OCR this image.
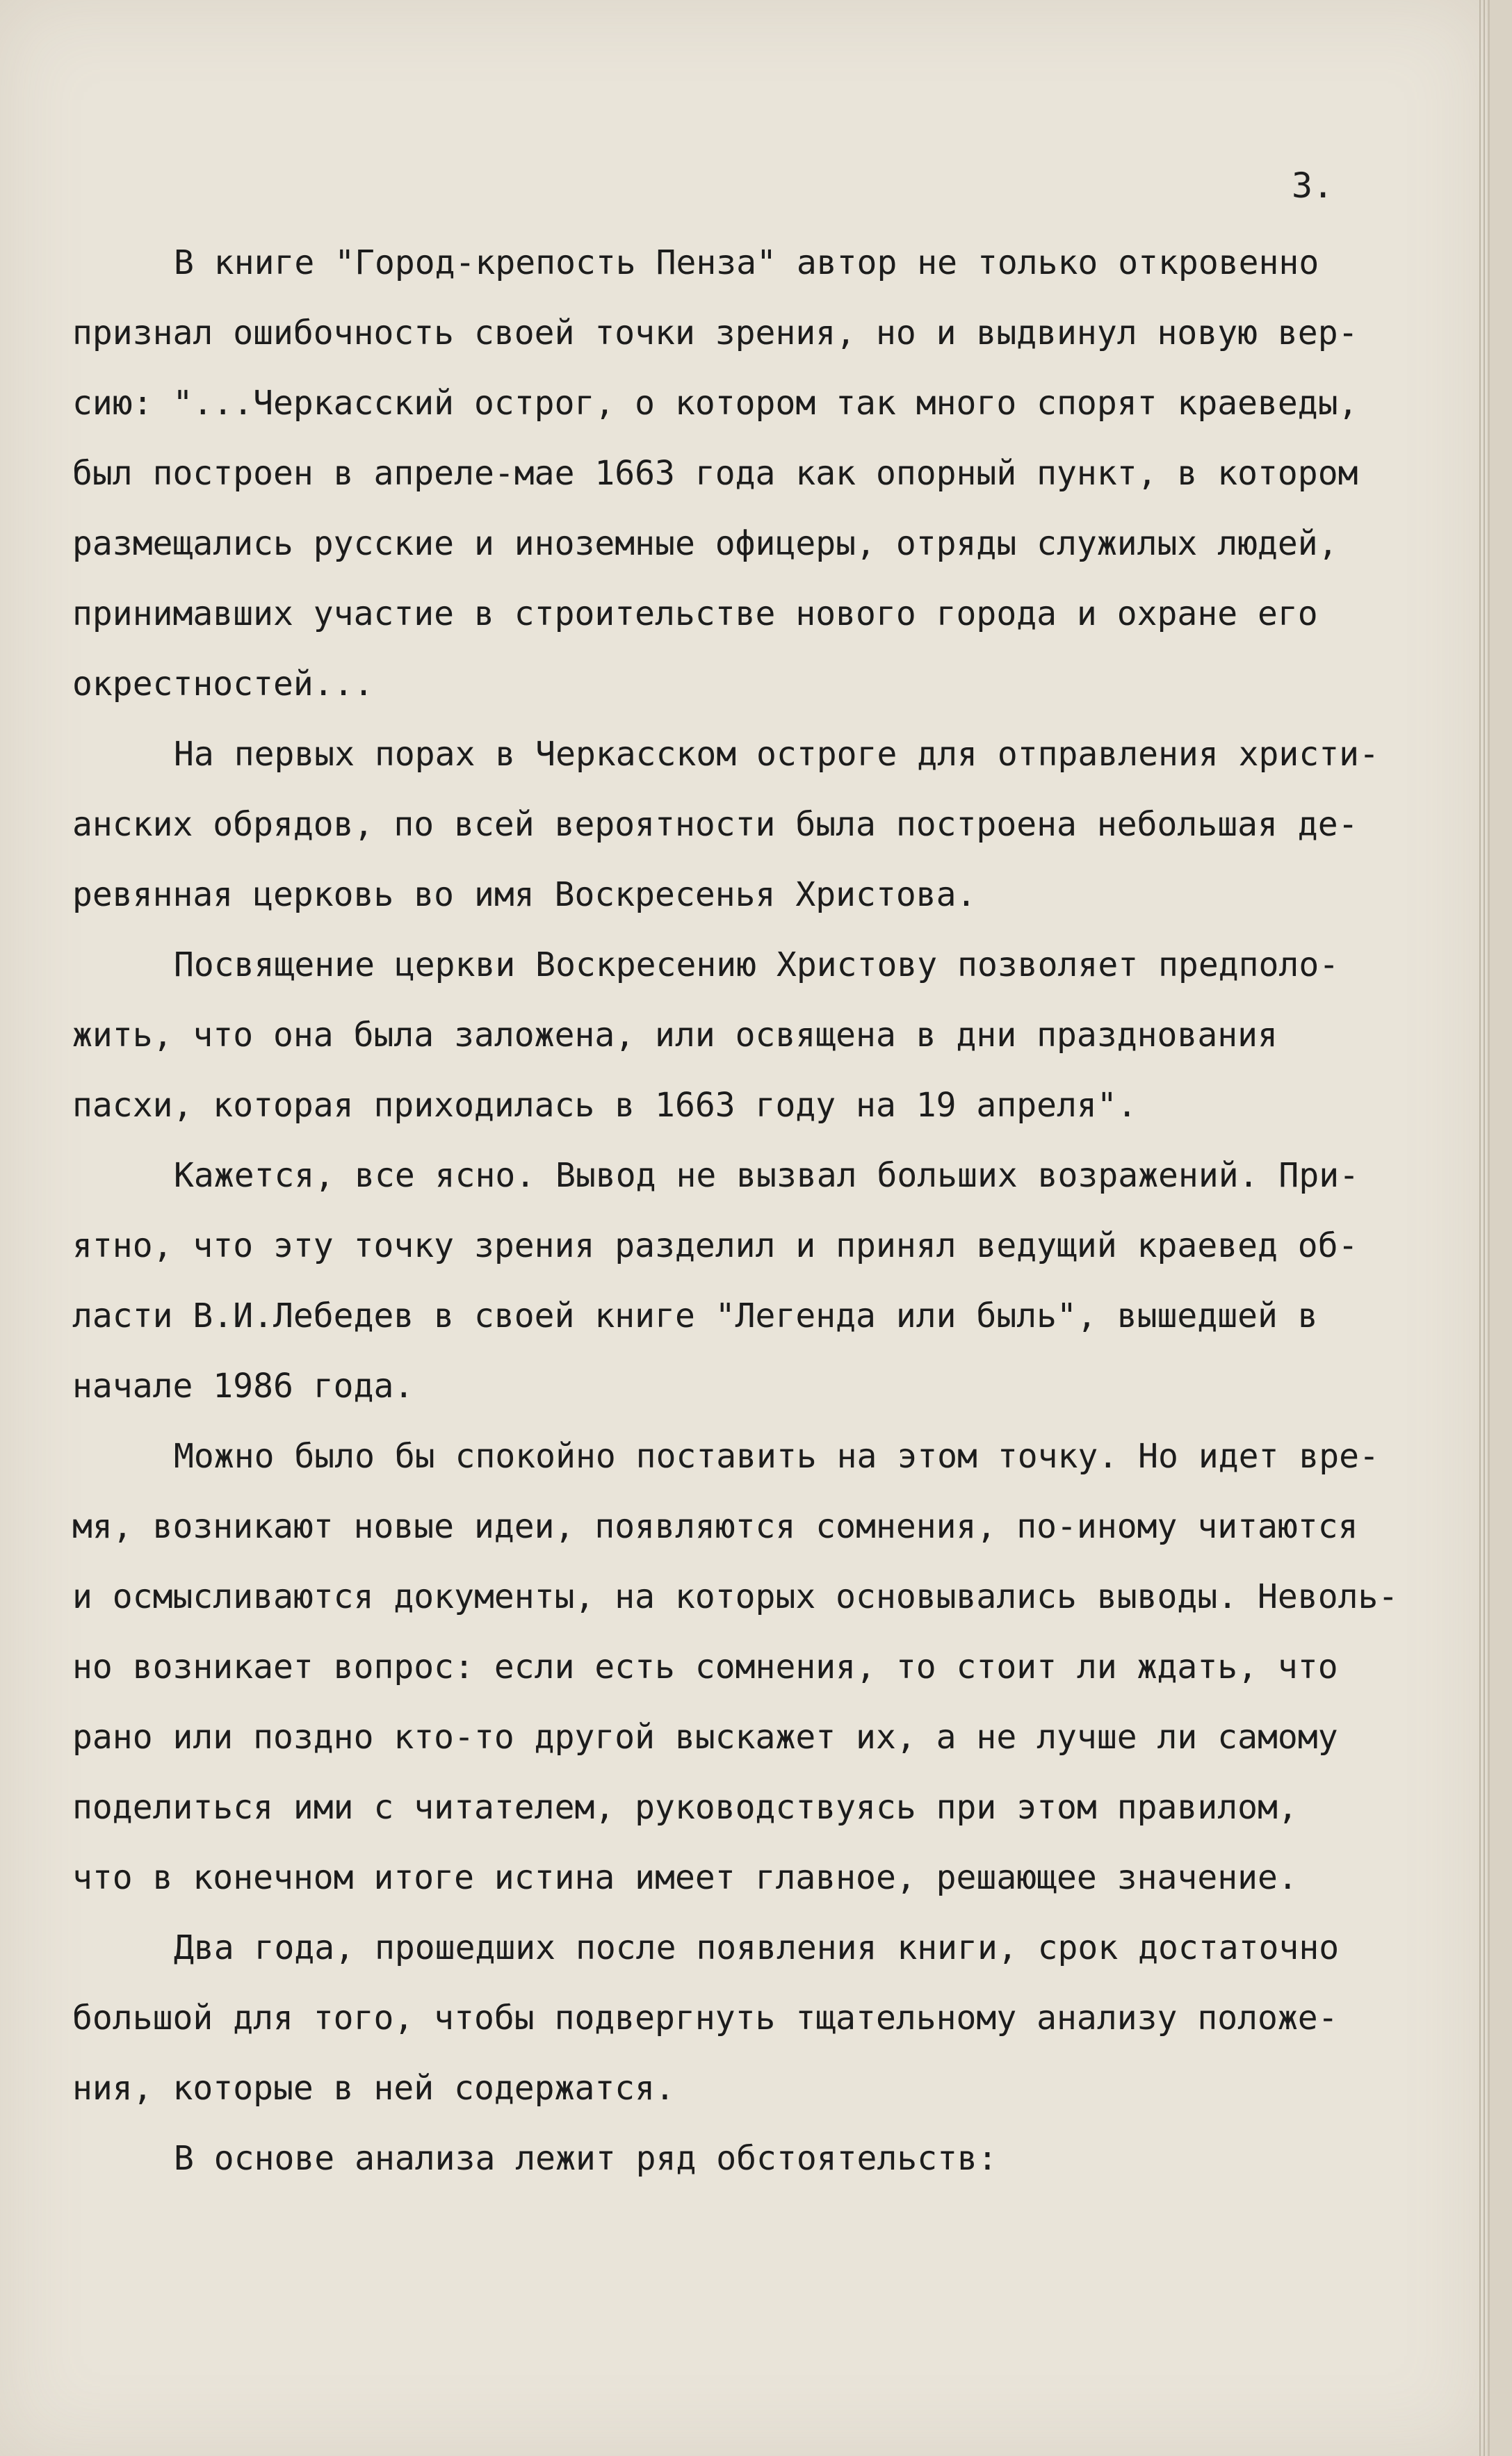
3.
В книге "Город-крепость Пенза" автор не только откровенно
признал ошибочность своей точки зрения, но и выдвинул новую вер-
сию: "...Черкасский острог, о котором так много спорят краеведы,
был построен в апреле-мае 1663 года как опорный пункт, в котором
размещались русские и иноземные офицеры, отряды служилых людей,
принимавших участие в строительстве нового города и охране его
окрестностей...
На первых порах в Черкасском остроге для отправления христи-
анских обрядов, по всей вероятности была построена небольшая де-
ревянная церковь во имя Воскресенья Христова.
Посвящение церкви Воскресению Христову позволяет предполо-
жить, что она была заложена, или освящена в дни празднования
пасхи, которая приходилась в 1663 году на 19 апреля".
Кажется, все ясно. Вывод не вызвал больших возражений. При-
ятно, что эту точку зрения разделил и принял ведущий краевед об-
ласти В.И.Лебедев в своей книге "Легенда или быль", вышедшей в
начале 1986 года.
Можно было бы спокойно поставить на этом точку. Но идет вре-
мя, возникают новые идеи, появляются сомнения, по-иному читаются
и осмысливаются документы, на которых основывались выводы. Неволь-
но возникает вопрос: если есть сомнения, то стоит ли ждать, что
рано или поздно кто-то другой выскажет их, а не лучше ли самому
поделиться ими с читателем, руководствуясь при этом правилом,
что в конечном итоге истина имеет главное, решающее значение.
Два года, прошедших после появления книги, срок достаточно
большой для того, чтобы подвергнуть тщательному анализу положе-
ния, которые в ней содержатся.
В основе анализа лежит ряд обстоятельств:
